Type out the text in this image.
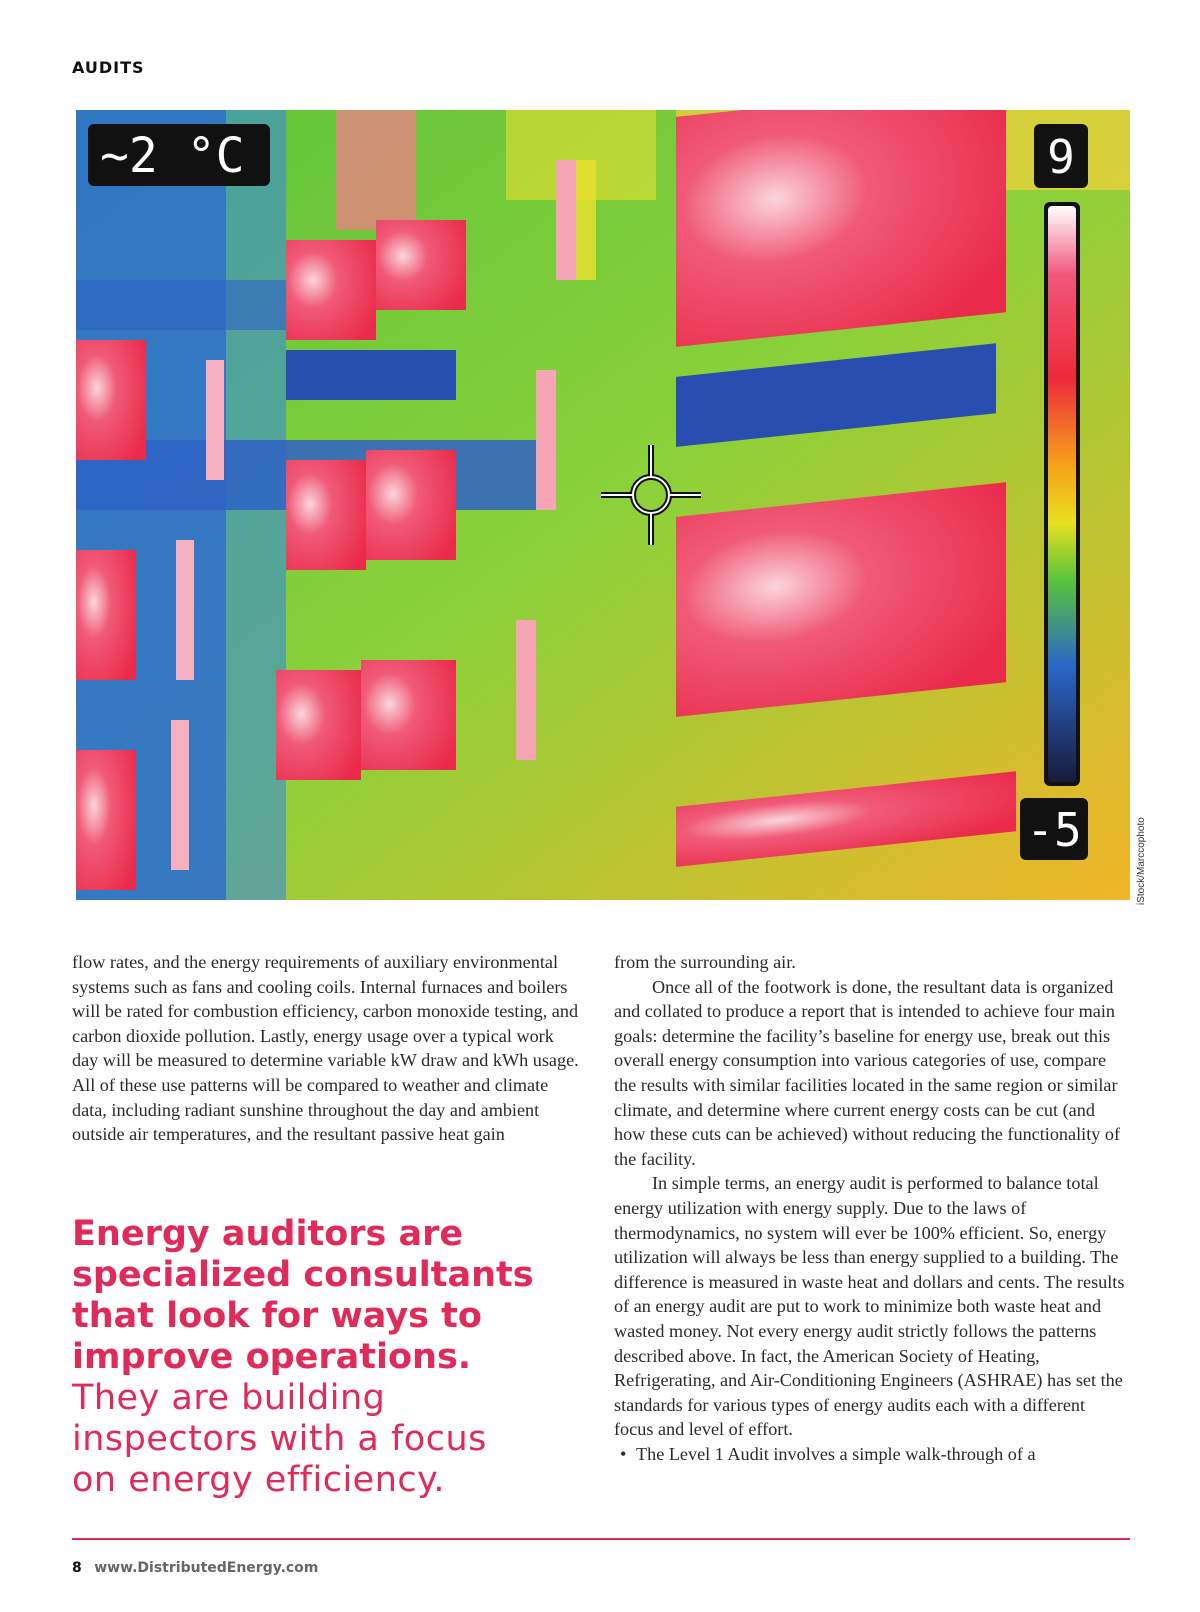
AUDITS
~2 °C	9
-5	iStock/Marccophoto

flow rates, and the energy requirements of auxiliary environmental systems such as fans and cooling coils. Internal furnaces and boilers will be rated for combustion efficiency, carbon monoxide testing, and carbon dioxide pollution. Lastly, energy usage over a typical work day will be measured to determine variable kW draw and kWh usage. All of these use patterns will be compared to weather and climate data, including radiant sunshine throughout the day and ambient outside air temperatures, and the resultant passive heat gain

Energy auditors are
specialized consultants
that look for ways to
improve operations.
They are building
inspectors with a focus
on energy efficiency.

from the surrounding air.

Once all of the footwork is done, the resultant data is organized and collated to produce a report that is intended to achieve four main goals: determine the facility’s baseline for energy use, break out this overall energy consumption into various categories of use, compare the results with similar facilities located in the same region or similar climate, and determine where current energy costs can be cut (and how these cuts can be achieved) without reducing the functionality of the facility.

In simple terms, an energy audit is performed to balance total energy utilization with energy supply. Due to the laws of thermodynamics, no system will ever be 100% efficient. So, energy utilization will always be less than energy supplied to a building. The difference is measured in waste heat and dollars and cents. The results of an energy audit are put to work to minimize both waste heat and wasted money. Not every energy audit strictly follows the patterns described above. In fact, the American Society of Heating, Refrigerating, and Air-Conditioning Engineers (ASHRAE) has set the standards for various types of energy audits each with a different focus and level of effort.

• The Level 1 Audit involves a simple walk-through of a

8 www.DistributedEnergy.com
